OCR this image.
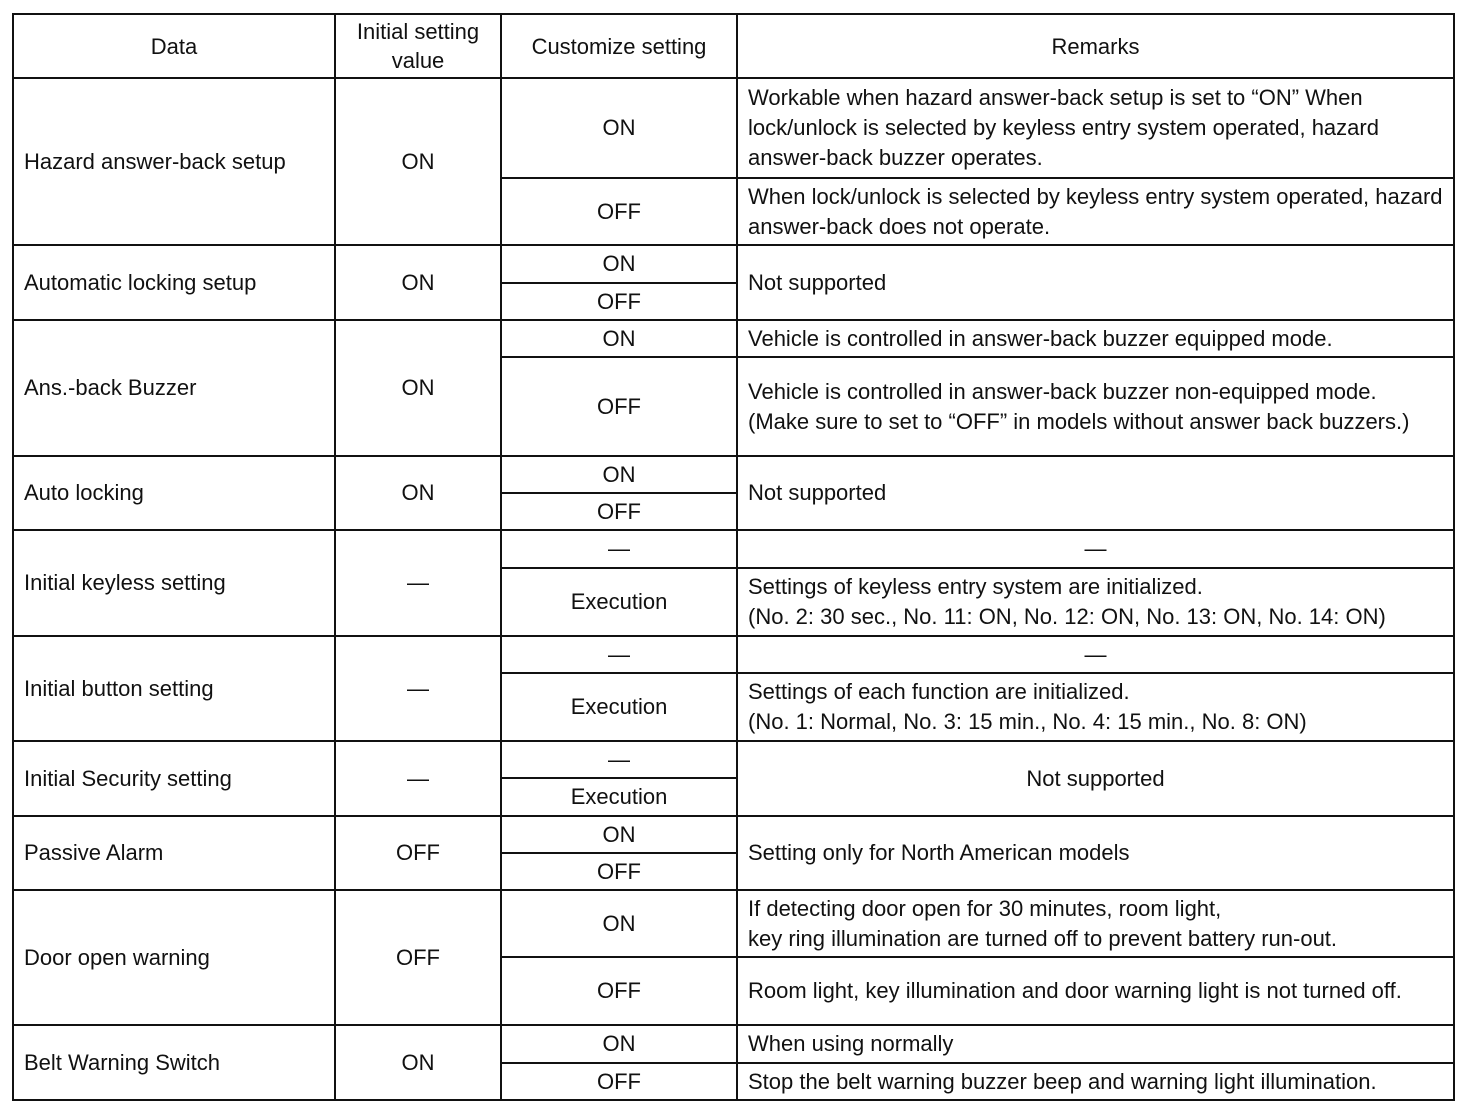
Data	Initial setting value	Customize setting	Remarks
Hazard answer-back setup	ON	ON	Workable when hazard answer-back setup is set to “ON” When lock/unlock is selected by keyless entry system operated, hazard answer-back buzzer operates.
		OFF	When lock/unlock is selected by keyless entry system operated, hazard answer-back does not operate.
Automatic locking setup	ON	ON	Not supported
		OFF	
Ans.-back Buzzer	ON	ON	Vehicle is controlled in answer-back buzzer equipped mode.
		OFF	Vehicle is controlled in answer-back buzzer non-equipped mode. (Make sure to set to “OFF” in models without answer back buzzers.)
Auto locking	ON	ON	Not supported
		OFF	
Initial keyless setting	—	—	—
		Execution	Settings of keyless entry system are initialized.
(No. 2: 30 sec., No. 11: ON, No. 12: ON, No. 13: ON, No. 14: ON)

Initial button setting	—	—	—
		Execution	Settings of each function are initialized.
(No. 1: Normal, No. 3: 15 min., No. 4: 15 min., No. 8: ON)

Initial Security setting	—	—	Not supported
		Execution	
Passive Alarm	OFF	ON	Setting only for North American models
		OFF	
Door open warning	OFF	ON	If detecting door open for 30 minutes, room light,
key ring illumination are turned off to prevent battery run-out.

		OFF	Room light, key illumination and door warning light is not turned off.
Belt Warning Switch	ON	ON	When using normally
		OFF	Stop the belt warning buzzer beep and warning light illumination.
